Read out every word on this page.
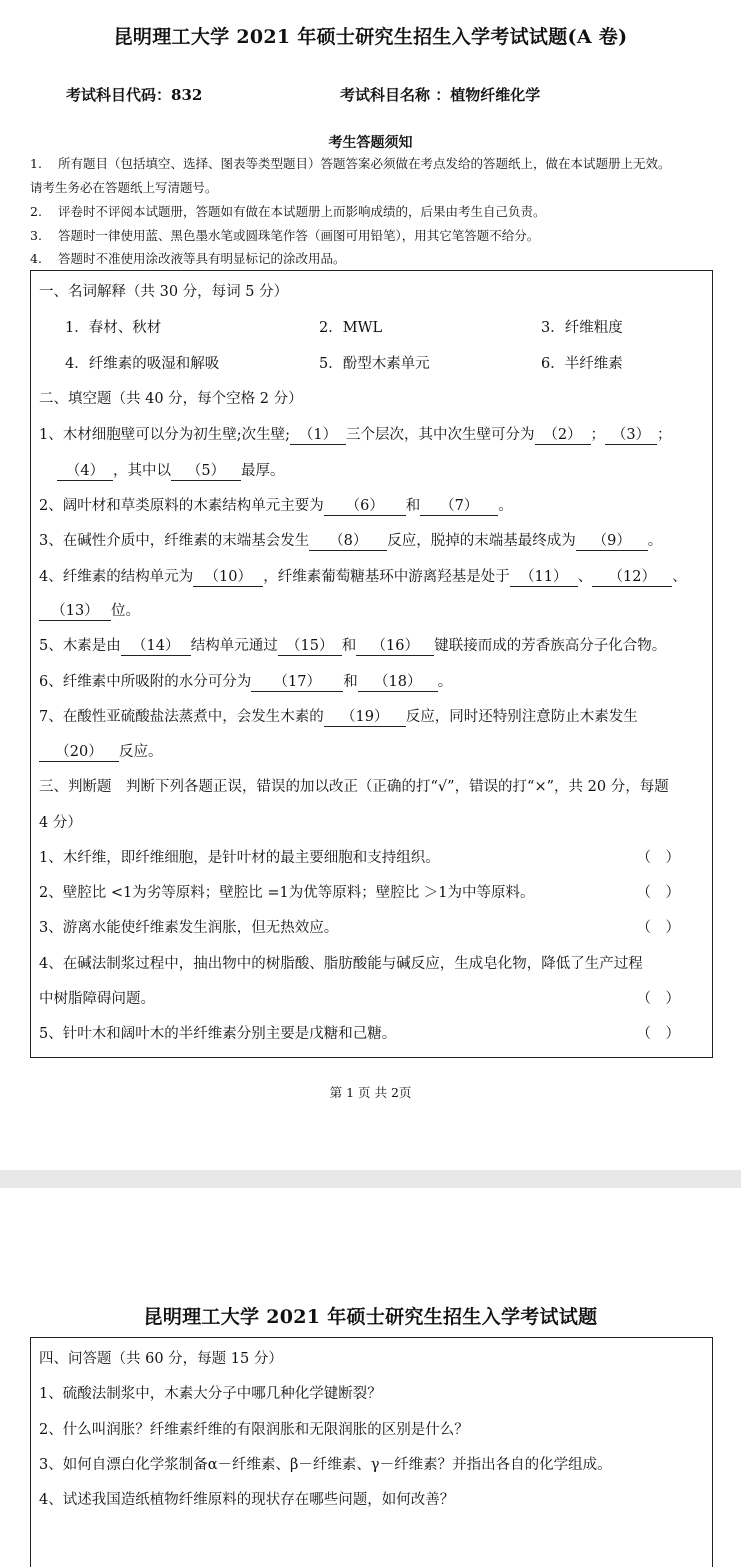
昆明理工大学 2021 年硕士研究生招生入学考试试题(A 卷)
考试科目代码：832	考试科目名称 ：植物纤维化学
考生答题须知
1. 所有题目（包括填空、选择、图表等类型题目）答题答案必须做在考点发给的答题纸上，做在本试题册上无效。
请考生务必在答题纸上写清题号。
2. 评卷时不评阅本试题册，答题如有做在本试题册上而影响成绩的，后果由考生自己负责。
3. 答题时一律使用蓝、黑色墨水笔或圆珠笔作答（画图可用铅笔），用其它笔答题不给分。
4. 答题时不准使用涂改液等具有明显标记的涂改用品。
一、名词解释（共 30 分，每词 5 分）
1．春材、秋材	2．MWL	3．纤维粗度
4．纤维素的吸湿和解吸	5．酚型木素单元	6．半纤维素
二、填空题（共 40 分，每个空格 2 分）
1、木材细胞壁可以分为初生壁;次生壁; （1） 三个层次，其中次生壁可分为 （2） ； （3） ；
（4） ，其中以 （5） 最厚。
2、阔叶材和草类原料的木素结构单元主要为 （6） 和 （7） 。
3、在碱性介质中，纤维素的末端基会发生 （8） 反应，脱掉的末端基最终成为 （9） 。
4、纤维素的结构单元为 （10） ，纤维素葡萄糖基环中游离羟基是处于 （11） 、 （12） 、
（13） 位。
5、木素是由 （14） 结构单元通过 （15） 和 （16） 键联接而成的芳香族高分子化合物。
6、纤维素中所吸附的水分可分为 （17） 和 （18） 。
7、在酸性亚硫酸盐法蒸煮中，会发生木素的 （19） 反应，同时还特别注意防止木素发生
（20） 反应。
三、判断题　判断下列各题正误，错误的加以改正（正确的打“√”，错误的打“×”，共 20 分，每题
4 分）
1、木纤维，即纤维细胞，是针叶材的最主要细胞和支持组织。	（　）
2、壁腔比 <1为劣等原料；壁腔比 =1为优等原料；壁腔比 ＞1为中等原料。	（　）
3、游离水能使纤维素发生润胀，但无热效应。	（　）
4、在碱法制浆过程中，抽出物中的树脂酸、脂肪酸能与碱反应，生成皂化物，降低了生产过程
中树脂障碍问题。	（　）
5、针叶木和阔叶木的半纤维素分别主要是戊糖和己糖。	（　）
第 1 页 共 2页
昆明理工大学 2021 年硕士研究生招生入学考试试题
四、问答题（共 60 分，每题 15 分）
1、硫酸法制浆中，木素大分子中哪几种化学键断裂？
2、什么叫润胀？纤维素纤维的有限润胀和无限润胀的区别是什么？
3、如何自漂白化学浆制备α－纤维素、β－纤维素、γ－纤维素？并指出各自的化学组成。
4、试述我国造纸植物纤维原料的现状存在哪些问题，如何改善？
